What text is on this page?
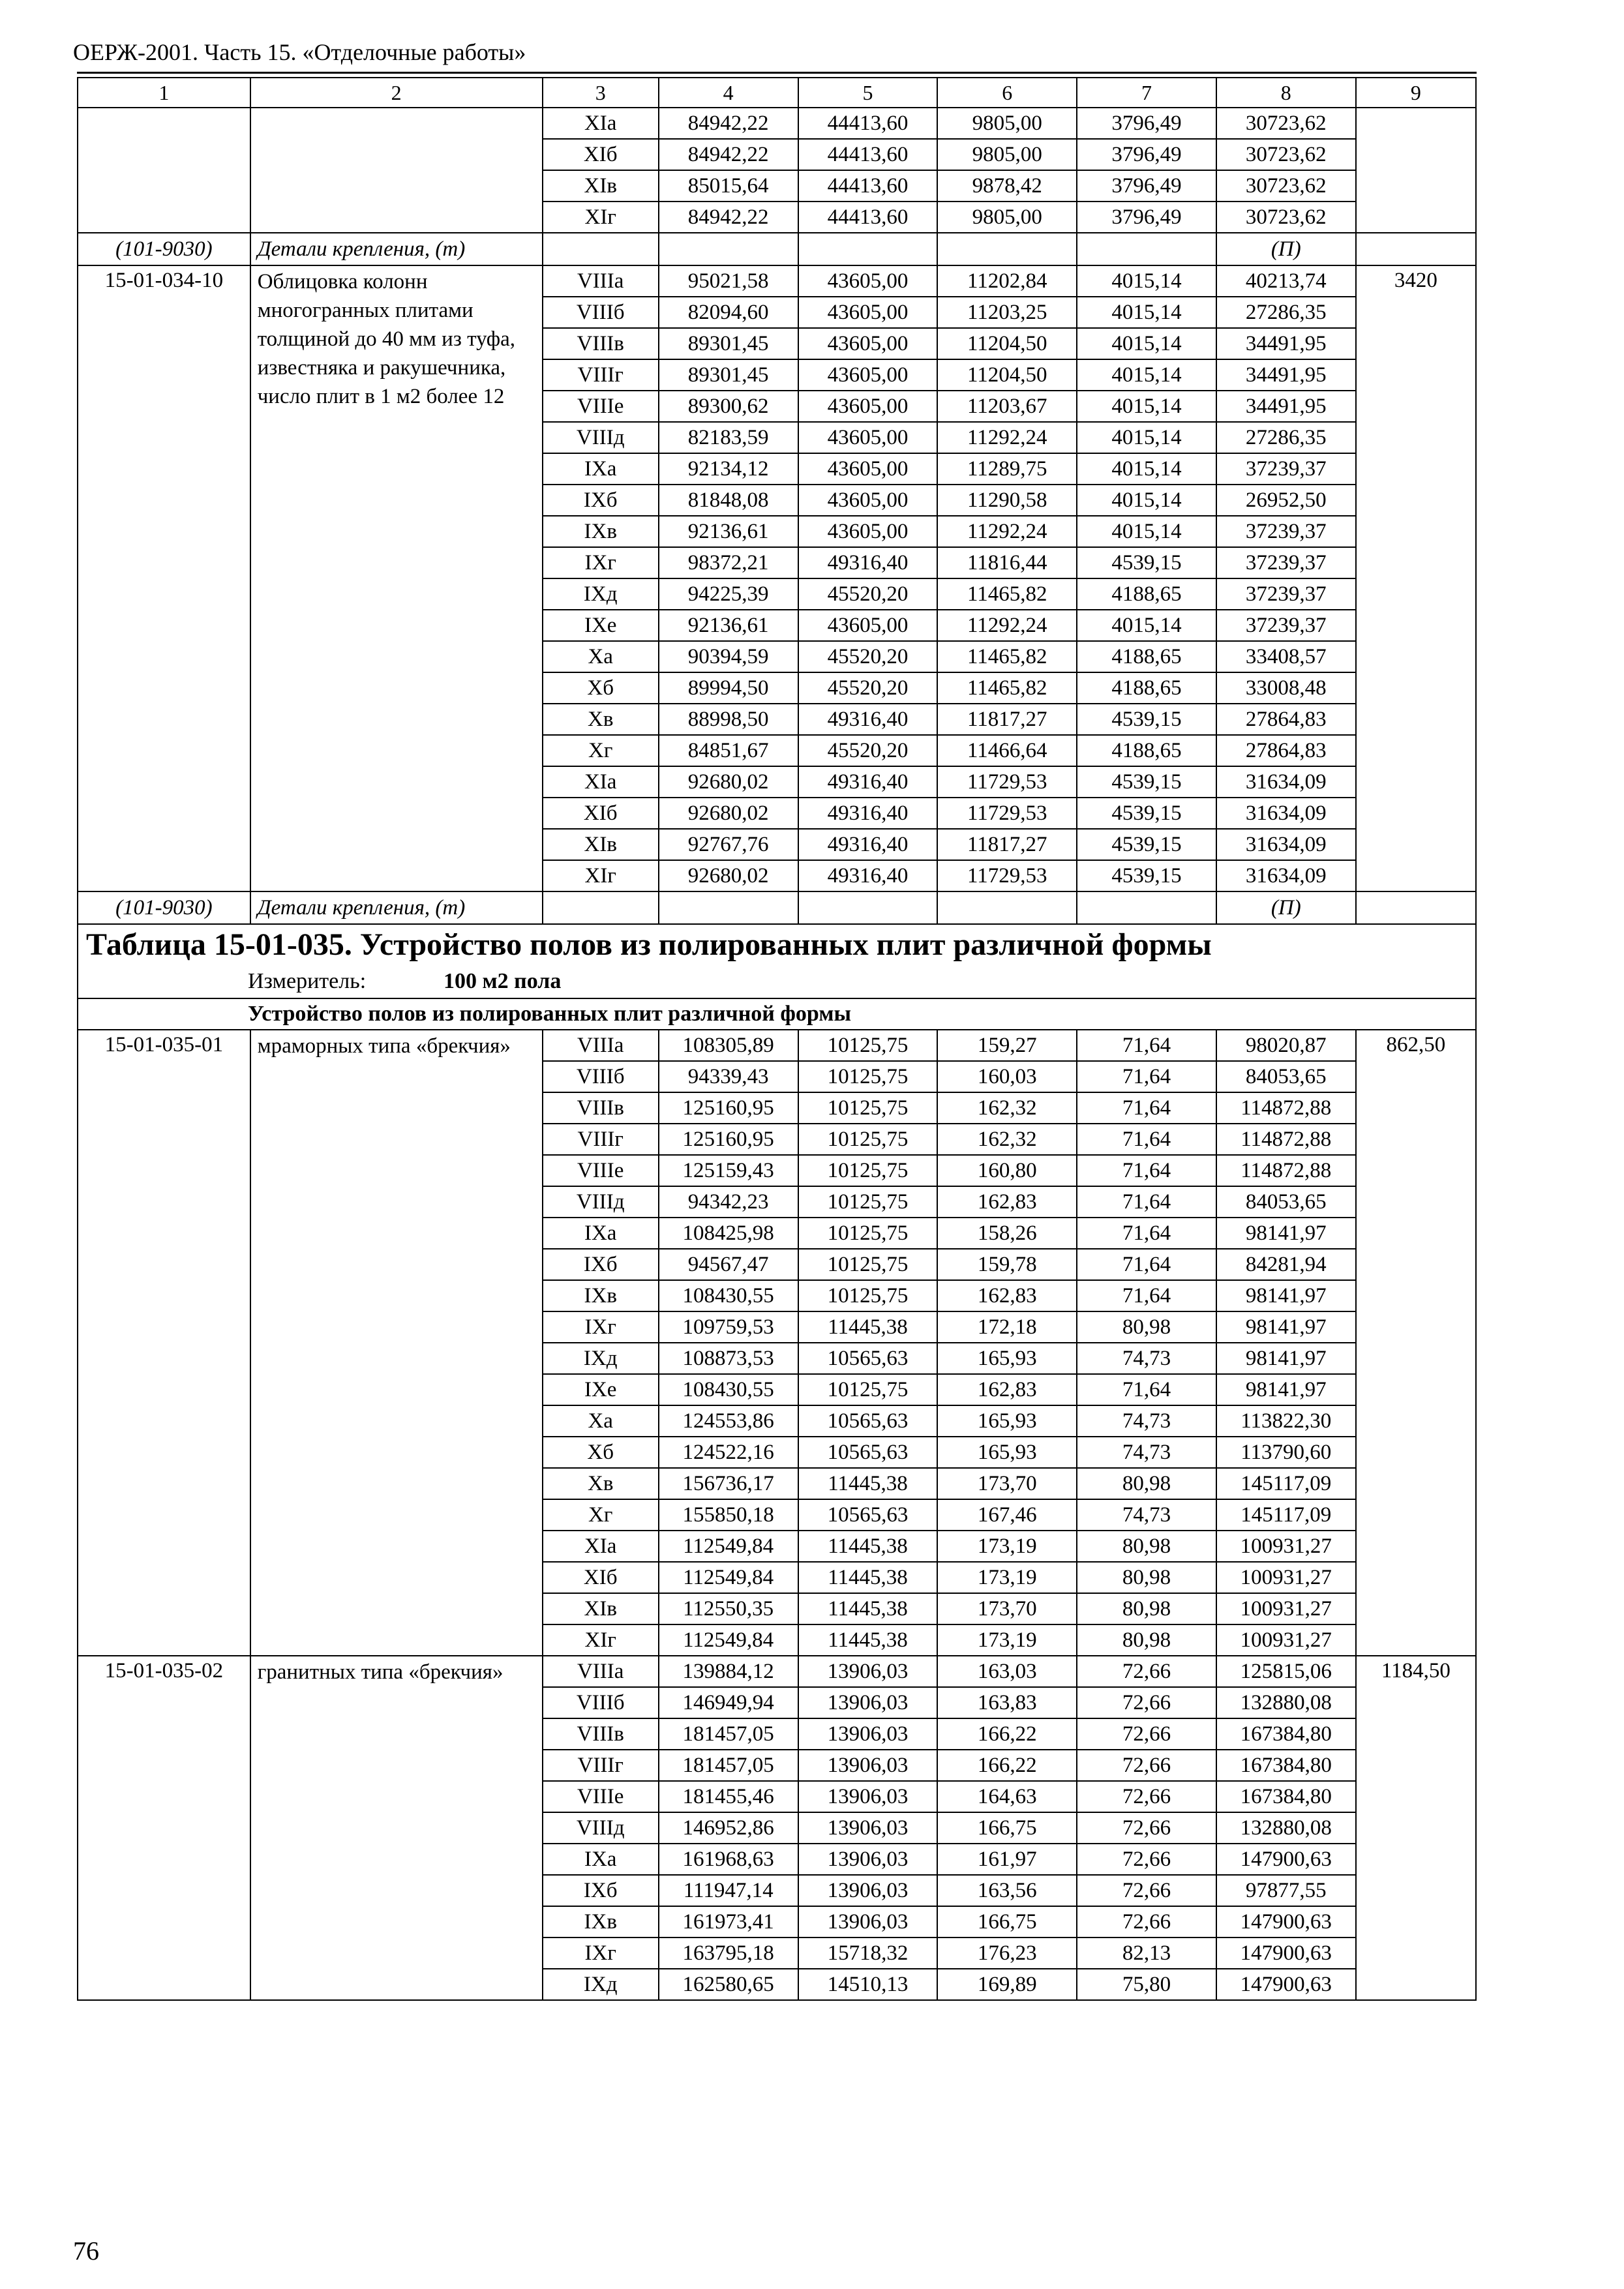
ОЕРЖ-2001. Часть 15. «Отделочные работы»
1	2	3	4	5	6	7	8	9
		XIа	84942,22	44413,60	9805,00	3796,49	30723,62	
		XIб	84942,22	44413,60	9805,00	3796,49	30723,62	
		XIв	85015,64	44413,60	9878,42	3796,49	30723,62	
		XIг	84942,22	44413,60	9805,00	3796,49	30723,62	
(101-9030)	Детали крепления, (т)						(П)	
15-01-034-10	Облицовка колонн многогранных плитами толщиной до 40 мм из туфа, известняка и ракушечника, число плит в 1 м2 более 12	VIIIа	95021,58	43605,00	11202,84	4015,14	40213,74	3420
		VIIIб	82094,60	43605,00	11203,25	4015,14	27286,35	
		VIIIв	89301,45	43605,00	11204,50	4015,14	34491,95	
		VIIIг	89301,45	43605,00	11204,50	4015,14	34491,95	
		VIIIе	89300,62	43605,00	11203,67	4015,14	34491,95	
		VIIIд	82183,59	43605,00	11292,24	4015,14	27286,35	
		IXа	92134,12	43605,00	11289,75	4015,14	37239,37	
		IXб	81848,08	43605,00	11290,58	4015,14	26952,50	
		IXв	92136,61	43605,00	11292,24	4015,14	37239,37	
		IXг	98372,21	49316,40	11816,44	4539,15	37239,37	
		IXд	94225,39	45520,20	11465,82	4188,65	37239,37	
		IXе	92136,61	43605,00	11292,24	4015,14	37239,37	
		Xа	90394,59	45520,20	11465,82	4188,65	33408,57	
		Xб	89994,50	45520,20	11465,82	4188,65	33008,48	
		Xв	88998,50	49316,40	11817,27	4539,15	27864,83	
		Xг	84851,67	45520,20	11466,64	4188,65	27864,83	
		XIа	92680,02	49316,40	11729,53	4539,15	31634,09	
		XIб	92680,02	49316,40	11729,53	4539,15	31634,09	
		XIв	92767,76	49316,40	11817,27	4539,15	31634,09	
		XIг	92680,02	49316,40	11729,53	4539,15	31634,09	
(101-9030)	Детали крепления, (т)						(П)	
Таблица 15-01-035. Устройство полов из полированных плит различной формы								
Измеритель: 100 м2 пола								
Устройство полов из полированных плит различной формы								
15-01-035-01	мраморных типа «брекчия»	VIIIа	108305,89	10125,75	159,27	71,64	98020,87	862,50
		VIIIб	94339,43	10125,75	160,03	71,64	84053,65	
		VIIIв	125160,95	10125,75	162,32	71,64	114872,88	
		VIIIг	125160,95	10125,75	162,32	71,64	114872,88	
		VIIIе	125159,43	10125,75	160,80	71,64	114872,88	
		VIIIд	94342,23	10125,75	162,83	71,64	84053,65	
		IXа	108425,98	10125,75	158,26	71,64	98141,97	
		IXб	94567,47	10125,75	159,78	71,64	84281,94	
		IXв	108430,55	10125,75	162,83	71,64	98141,97	
		IXг	109759,53	11445,38	172,18	80,98	98141,97	
		IXд	108873,53	10565,63	165,93	74,73	98141,97	
		IXе	108430,55	10125,75	162,83	71,64	98141,97	
		Xа	124553,86	10565,63	165,93	74,73	113822,30	
		Xб	124522,16	10565,63	165,93	74,73	113790,60	
		Xв	156736,17	11445,38	173,70	80,98	145117,09	
		Xг	155850,18	10565,63	167,46	74,73	145117,09	
		XIа	112549,84	11445,38	173,19	80,98	100931,27	
		XIб	112549,84	11445,38	173,19	80,98	100931,27	
		XIв	112550,35	11445,38	173,70	80,98	100931,27	
		XIг	112549,84	11445,38	173,19	80,98	100931,27	
15-01-035-02	гранитных типа «брекчия»	VIIIа	139884,12	13906,03	163,03	72,66	125815,06	1184,50
		VIIIб	146949,94	13906,03	163,83	72,66	132880,08	
		VIIIв	181457,05	13906,03	166,22	72,66	167384,80	
		VIIIг	181457,05	13906,03	166,22	72,66	167384,80	
		VIIIе	181455,46	13906,03	164,63	72,66	167384,80	
		VIIIд	146952,86	13906,03	166,75	72,66	132880,08	
		IXа	161968,63	13906,03	161,97	72,66	147900,63	
		IXб	111947,14	13906,03	163,56	72,66	97877,55	
		IXв	161973,41	13906,03	166,75	72,66	147900,63	
		IXг	163795,18	15718,32	176,23	82,13	147900,63	
		IXд	162580,65	14510,13	169,89	75,80	147900,63	
76
